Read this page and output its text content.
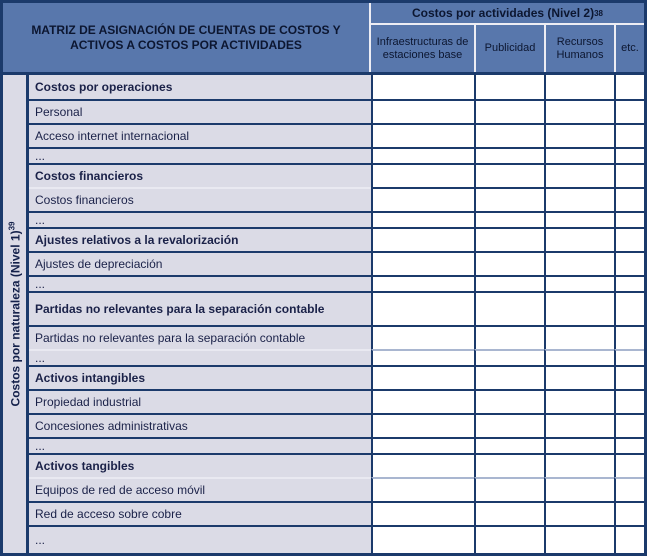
MATRIZ DE ASIGNACIÓN DE CUENTAS DE COSTOS Y ACTIVOS A COSTOS POR ACTIVIDADES
Costos por actividades (Nivel 2) 38
Infraestructuras de estaciones base
Publicidad
Recursos Humanos
etc.
Costos por naturaleza (Nivel 1)$^{39}$
Costos por operaciones
Personal
Acceso internet internacional
...
Costos financieros
Costos financieros
...
Ajustes relativos a la revalorización
Ajustes de depreciación
...
Partidas no relevantes para la separación contable
Partidas no relevantes para la separación contable
...
Activos intangibles
Propiedad industrial
Concesiones administrativas
...
Activos tangibles
Equipos de red de acceso móvil
Red de acceso sobre cobre
...
